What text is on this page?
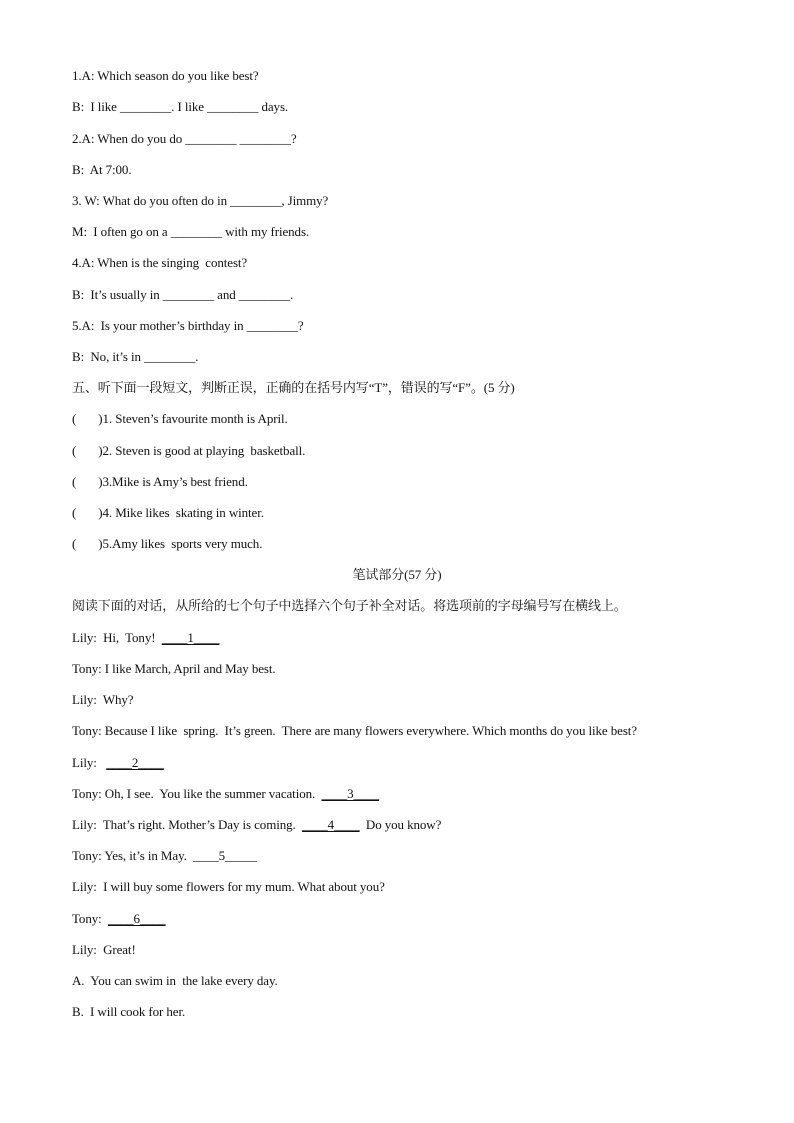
1.A: Which season do you like best?
B:  I like ________. I like ________ days.
2.A: When do you do ________ ________?
B:  At 7:00.
3. W: What do you often do in ________, Jimmy?
M:  I often go on a ________ with my friends.
4.A: When is the singing  contest?
B:  It’s usually in ________ and ________.
5.A:  Is your mother’s birthday in ________?
B:  No, it’s in ________.
五、听下面一段短文，判断正误，正确的在括号内写“T”，错误的写“F”。(5 分)
(       )1. Steven’s favourite month is April.
(       )2. Steven is good at playing  basketball.
(       )3.Mike is Amy’s best friend.
(       )4. Mike likes  skating in winter.
(       )5.Amy likes  sports very much.
笔试部分(57 分)
阅读下面的对话，从所给的七个句子中选择六个句子补全对话。将选项前的字母编号写在横线上。
Lily:  Hi,  Tony!  ____1____
Tony: I like March, April and May best.
Lily:  Why?
Tony: Because I like  spring.  It’s green.  There are many flowers everywhere. Which months do you like best?
Lily:   ____2____
Tony: Oh, I see.  You like the summer vacation.  ____3____
Lily:  That’s right. Mother’s Day is coming.  ____4____  Do you know?
Tony: Yes, it’s in May.  ____5_____
Lily:  I will buy some flowers for my mum. What about you?
Tony:  ____6____
Lily:  Great!
A.  You can swim in  the lake every day.
B.  I will cook for her.
